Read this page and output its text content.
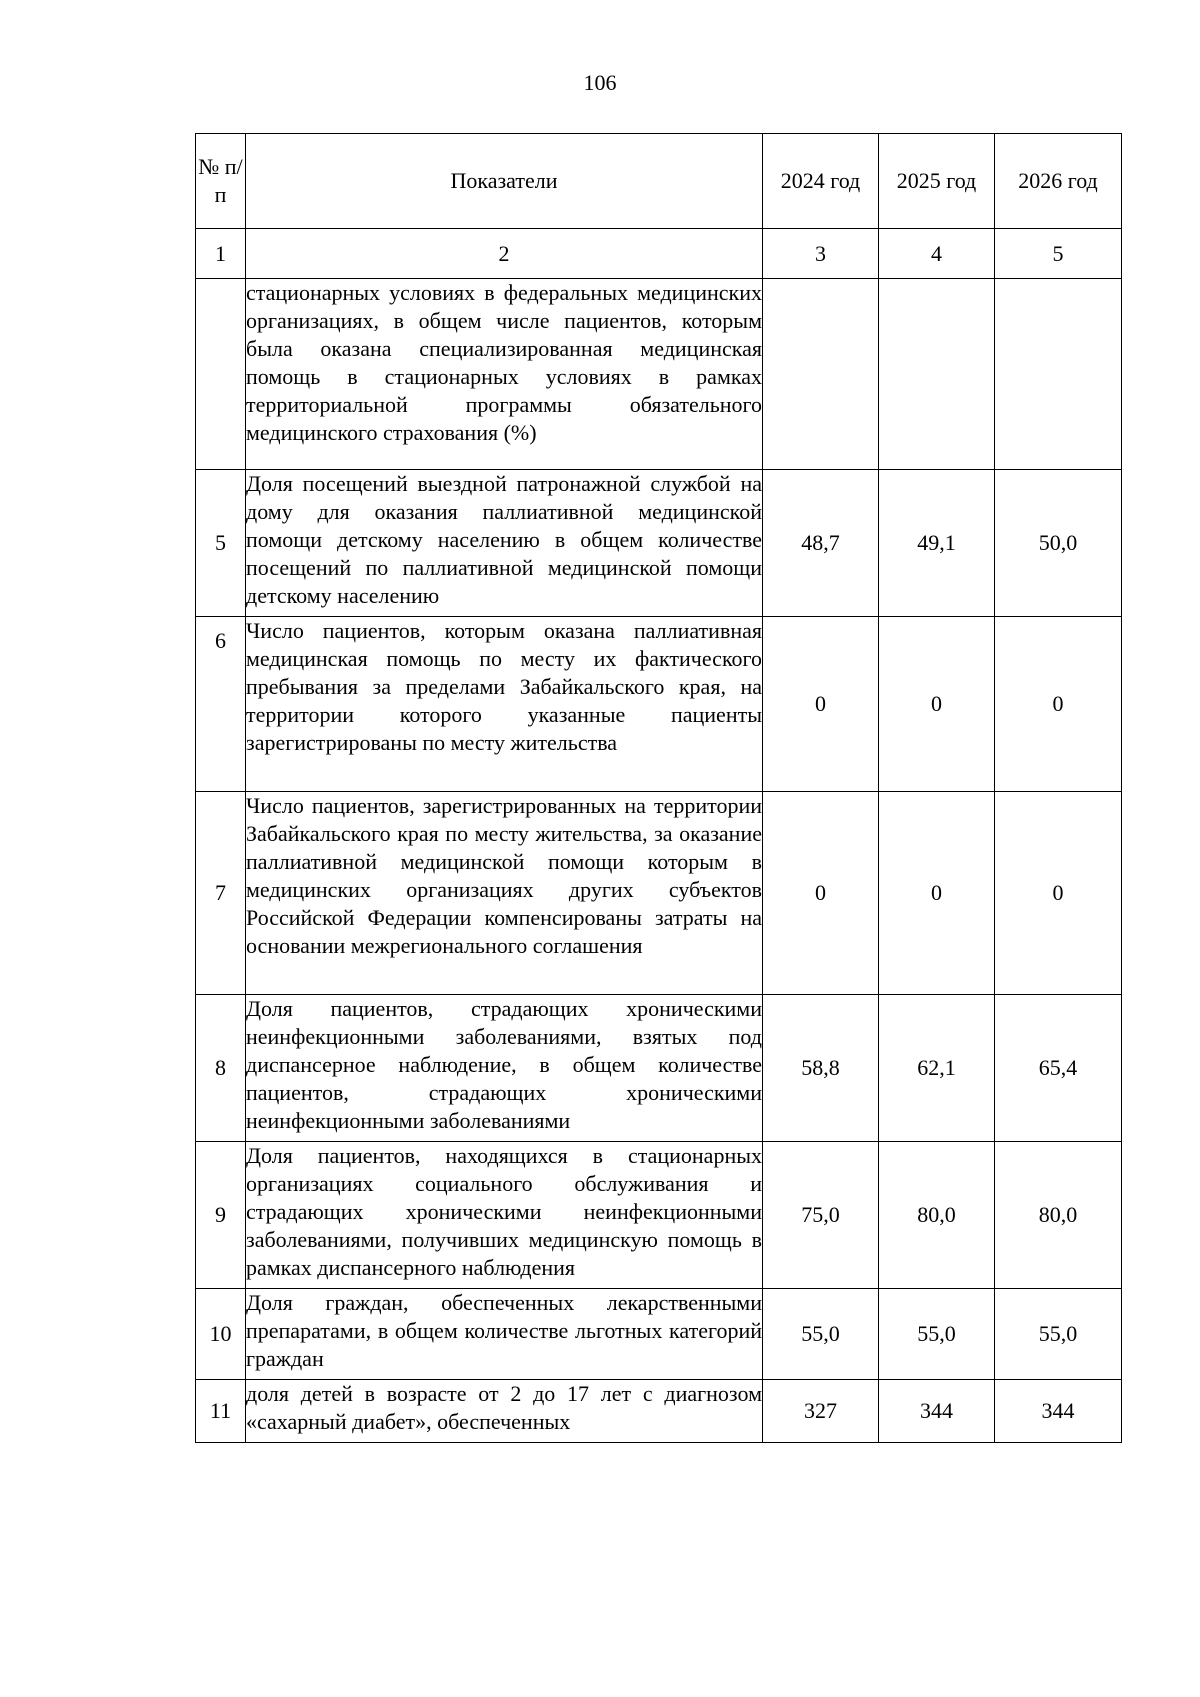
106
№ п/п	Показатели	2024 год	2025 год	2026 год
1	2	3	4	5
	стационарных условиях в федеральных медицинских организациях, в общем числе пациентов, которым была оказана специализированная медицинская помощь в стационарных условиях в рамках территориальной программы обязательного медицинского страхования (%)			
5	Доля посещений выездной патронажной службой на дому для оказания паллиативной медицинской помощи детскому населению в общем количестве посещений по паллиативной медицинской помощи детскому населению	48,7	49,1	50,0
6	Число пациентов, которым оказана паллиативная медицинская помощь по месту их фактического пребывания за пределами Забайкальского края, на территории которого указанные пациенты зарегистрированы по месту жительства	0	0	0
7	Число пациентов, зарегистрированных на территории Забайкальского края по месту жительства, за оказание паллиативной медицинской помощи которым в медицинских организациях других субъектов Российской Федерации компенсированы затраты на основании межрегионального соглашения	0	0	0
8	Доля пациентов, страдающих хроническими неинфекционными заболеваниями, взятых под диспансерное наблюдение, в общем количестве пациентов, страдающих хроническими неинфекционными заболеваниями	58,8	62,1	65,4
9	Доля пациентов, находящихся в стационарных организациях социального обслуживания и страдающих хроническими неинфекционными заболеваниями, получивших медицинскую помощь в рамках диспансерного наблюдения	75,0	80,0	80,0
10	Доля граждан, обеспеченных лекарственными препаратами, в общем количестве льготных категорий граждан	55,0	55,0	55,0
11	доля детей в возрасте от 2 до 17 лет с диагнозом «сахарный диабет», обеспеченных	327	344	344
